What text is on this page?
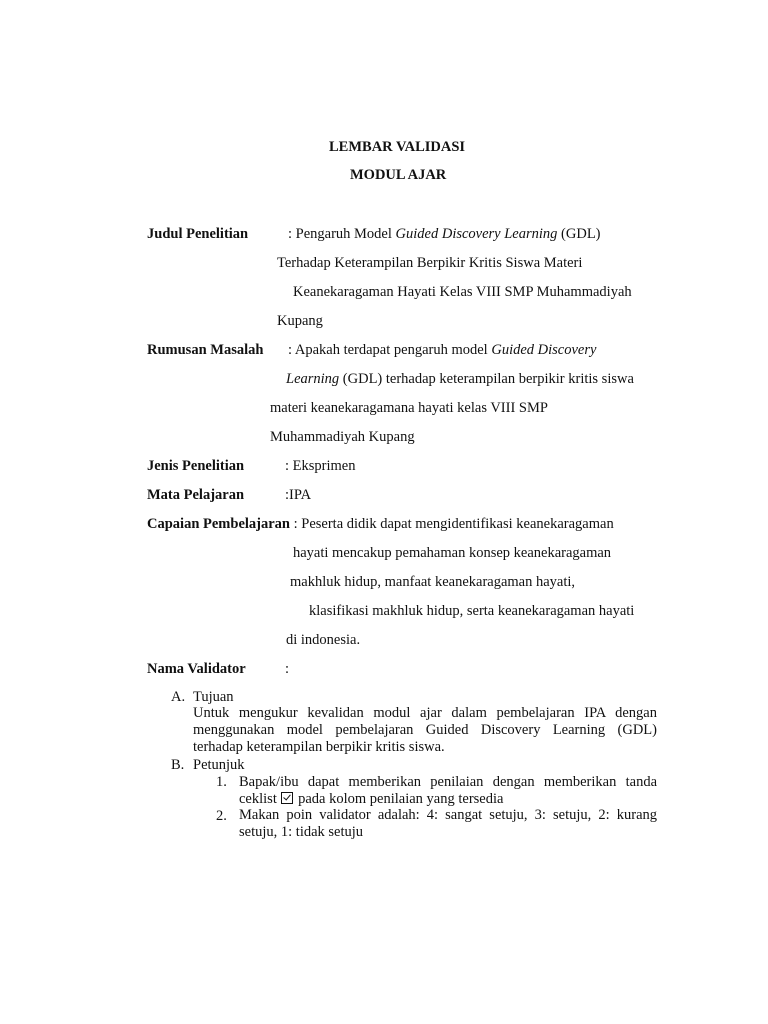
LEMBAR VALIDASI
MODUL AJAR
Judul Penelitian	: Pengaruh Model Guided Discovery Learning (GDL)
Terhadap Keterampilan Berpikir Kritis Siswa Materi
Keanekaragaman Hayati Kelas VIII SMP Muhammadiyah
Kupang
Rumusan Masalah : Apakah terdapat pengaruh model Guided Discovery
Learning (GDL) terhadap keterampilan berpikir kritis siswa
materi keanekaragamana hayati kelas VIII SMP
Muhammadiyah Kupang
Jenis Penelitian	: Eksprimen
Mata Pelajaran	:IPA
Capaian Pembelajaran : Peserta didik dapat mengidentifikasi keanekaragaman
hayati mencakup pemahaman konsep keanekaragaman
makhluk hidup, manfaat keanekaragaman hayati,
klasifikasi makhluk hidup, serta keanekaragaman hayati
di indonesia.
Nama Validator	:
A. Tujuan
Untuk mengukur kevalidan modul ajar dalam pembelajaran IPA dengan menggunakan model pembelajaran Guided Discovery Learning (GDL) terhadap keterampilan berpikir kritis siswa.
B. Petunjuk
1. Bapak/ibu dapat memberikan penilaian dengan memberikan tanda
ceklist  pada kolom penilaian yang tersedia
2. Makan poin validator adalah: 4: sangat setuju, 3: setuju, 2: kurang setuju, 1: tidak setuju
